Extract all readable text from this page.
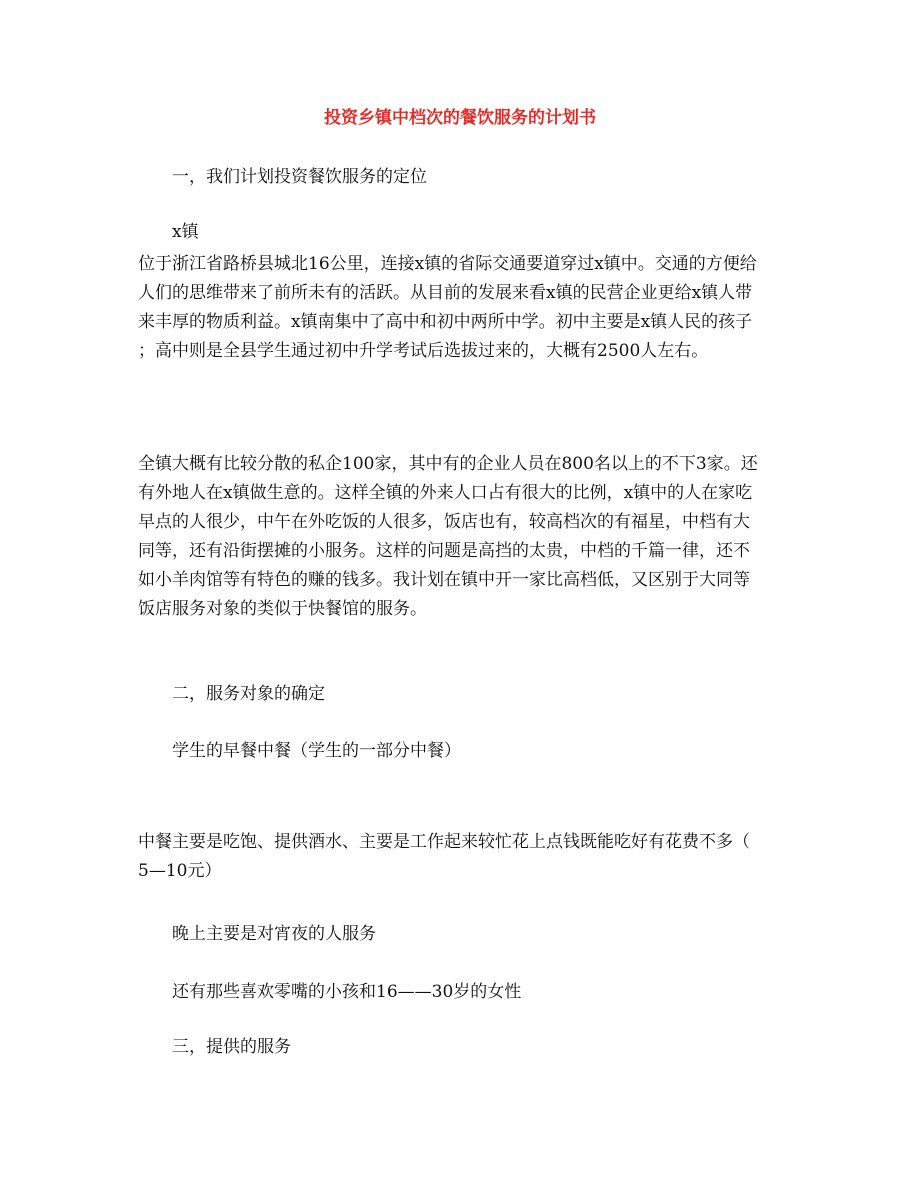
投资乡镇中档次的餐饮服务的计划书
一，我们计划投资餐饮服务的定位
x镇
位于浙江省路桥县城北16公里，连接x镇的省际交通要道穿过x镇中。交通的方便给
人们的思维带来了前所未有的活跃。从目前的发展来看x镇的民营企业更给x镇人带
来丰厚的物质利益。x镇南集中了高中和初中两所中学。初中主要是x镇人民的孩子
；高中则是全县学生通过初中升学考试后选拔过来的，大概有2500人左右。
全镇大概有比较分散的私企100家，其中有的企业人员在800名以上的不下3家。还
有外地人在x镇做生意的。这样全镇的外来人口占有很大的比例，x镇中的人在家吃
早点的人很少，中午在外吃饭的人很多，饭店也有，较高档次的有福星，中档有大
同等，还有沿街摆摊的小服务。这样的问题是高挡的太贵，中档的千篇一律，还不
如小羊肉馆等有特色的赚的钱多。我计划在镇中开一家比高档低，又区别于大同等
饭店服务对象的类似于快餐馆的服务。
二，服务对象的确定
学生的早餐中餐（学生的一部分中餐）
中餐主要是吃饱、提供酒水、主要是工作起来较忙花上点钱既能吃好有花费不多（
5—10元）
晚上主要是对宵夜的人服务
还有那些喜欢零嘴的小孩和16——30岁的女性
三，提供的服务
